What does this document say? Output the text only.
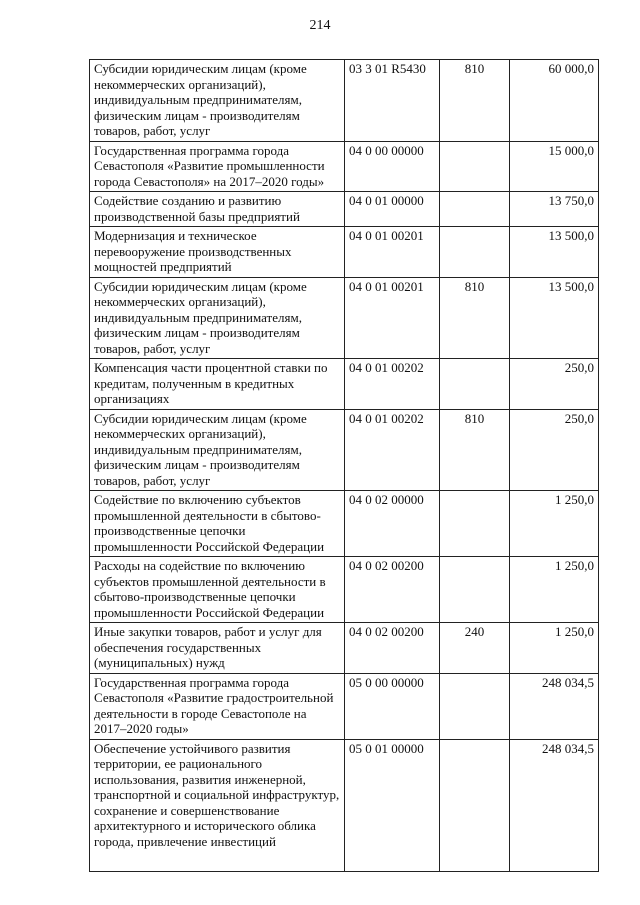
214
Субсидии юридическим лицам (кроме некоммерческих организаций), индивидуальным предпринимателям, физическим лицам - производителям товаров, работ, услуг	03 3 01 R5430	810	60 000,0
Государственная программа города Севастополя «Развитие промышленности города Севастополя» на 2017–2020 годы»	04 0 00 00000		15 000,0
Содействие созданию и развитию производственной базы предприятий	04 0 01 00000		13 750,0
Модернизация и техническое перевооружение производственных мощностей предприятий	04 0 01 00201		13 500,0
Субсидии юридическим лицам (кроме некоммерческих организаций), индивидуальным предпринимателям, физическим лицам - производителям товаров, работ, услуг	04 0 01 00201	810	13 500,0
Компенсация части процентной ставки по кредитам, полученным в кредитных организациях	04 0 01 00202		250,0
Субсидии юридическим лицам (кроме некоммерческих организаций), индивидуальным предпринимателям, физическим лицам - производителям товаров, работ, услуг	04 0 01 00202	810	250,0
Содействие по включению субъектов промышленной деятельности в сбытово-производственные цепочки промышленности Российской Федерации	04 0 02 00000		1 250,0
Расходы на содействие по включению субъектов промышленной деятельности в сбытово-производственные цепочки промышленности Российской Федерации	04 0 02 00200		1 250,0
Иные закупки товаров, работ и услуг для обеспечения государственных (муниципальных) нужд	04 0 02 00200	240	1 250,0
Государственная программа города Севастополя «Развитие градостроительной деятельности в городе Севастополе на 2017–2020 годы»	05 0 00 00000		248 034,5
Обеспечение устойчивого развития территории, ее рационального использования, развития инженерной, транспортной и социальной инфраструктур, сохранение и совершенствование архитектурного и исторического облика города, привлечение инвестиций	05 0 01 00000		248 034,5
